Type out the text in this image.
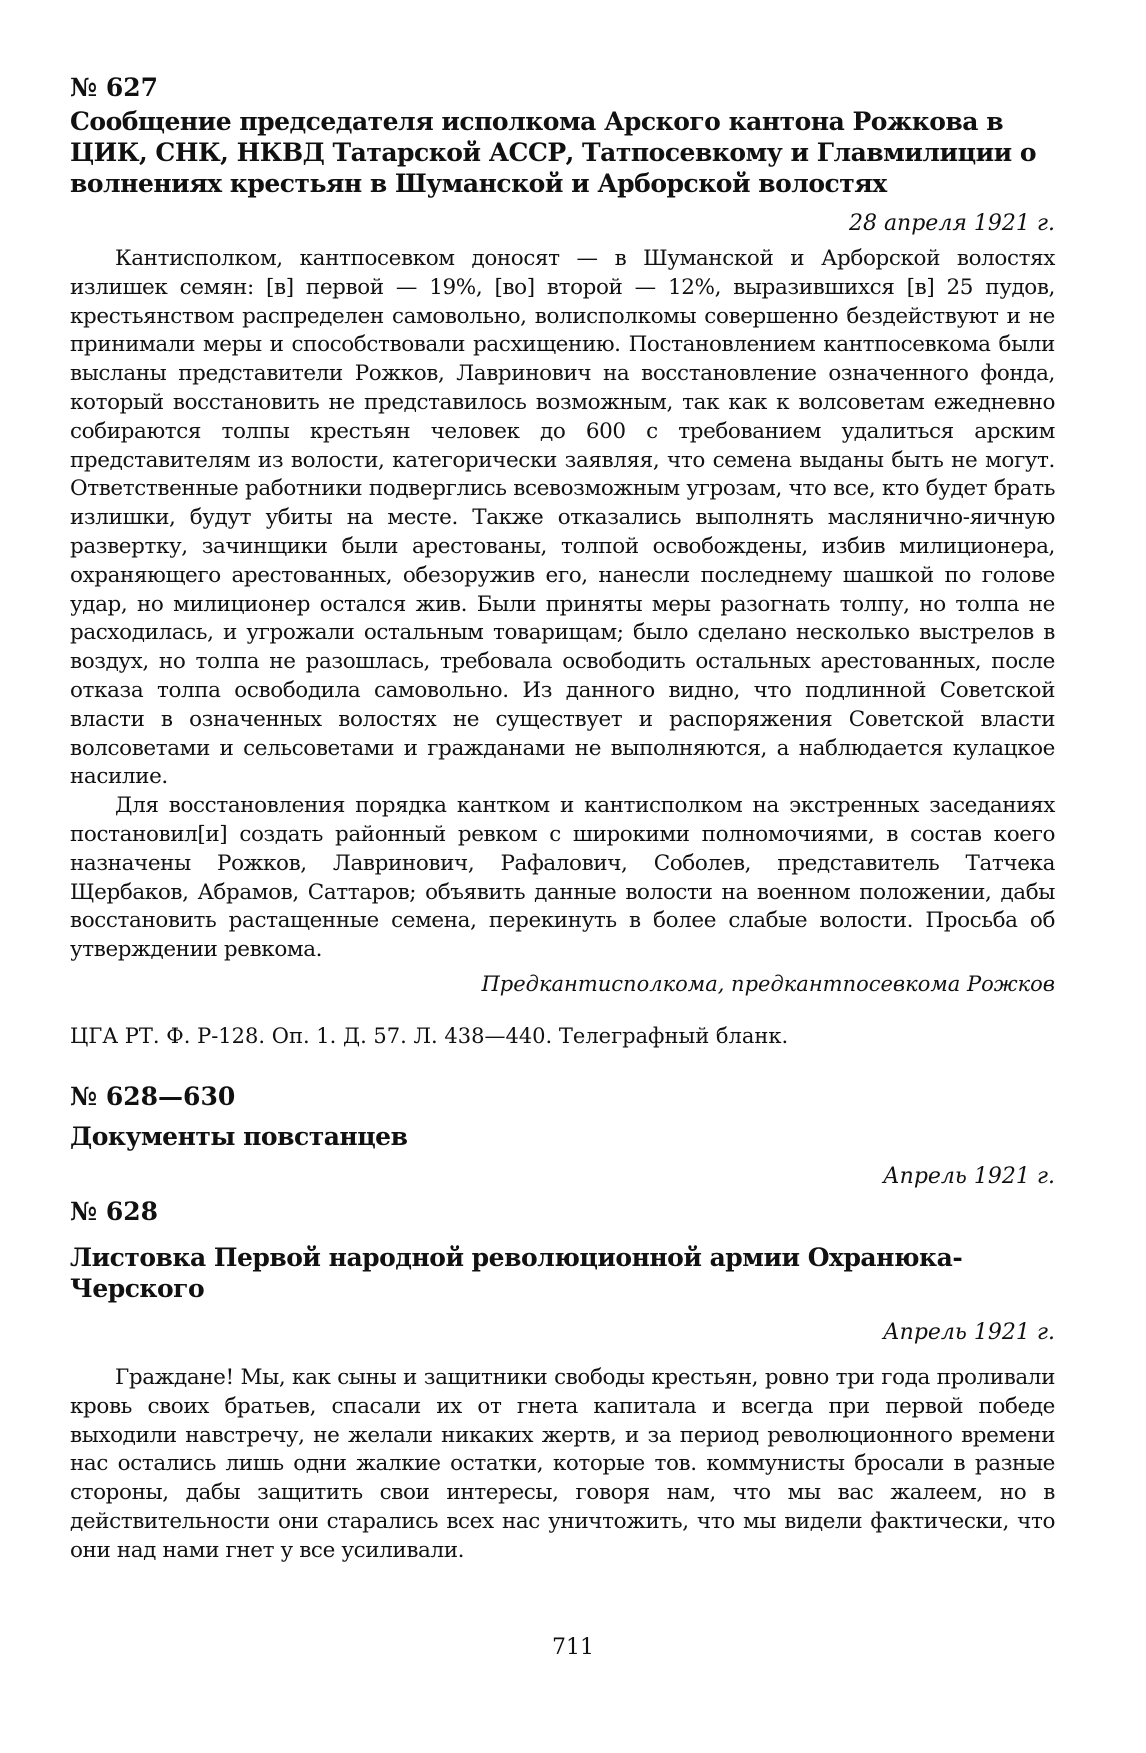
№ 627

Сообщение председателя исполкома Арского кантона Рожкова в ЦИК, СНК, НКВД Татарской АССР, Татпосевкому и Главмилиции о волнениях крестьян в Шуманской и Арборской волостях

28 апреля 1921 г.

Кантисполком, кантпосевком доносят — в Шуманской и Арборской волостях излишек семян: [в] первой — 19%, [во] второй — 12%, выразившихся [в] 25 пудов, крестьянством распределен самовольно, волисполкомы совершенно бездействуют и не принимали меры и способствовали расхищению. Постановлением кантпосевкома были высланы представители Рожков, Лавринович на восстановление означенного фонда, который восстановить не представилось возможным, так как к волсоветам ежедневно собираются толпы крестьян человек до 600 с требованием удалиться арским представителям из волости, категорически заявляя, что семена выданы быть не могут. Ответственные работники подверглись всевозможным угрозам, что все, кто будет брать излишки, будут убиты на месте. Также отказались выполнять маслянично-яичную развертку, зачинщики были арестованы, толпой освобождены, избив милиционера, охраняющего арестованных, обезоружив его, нанесли последнему шашкой по голове удар, но милиционер остался жив. Были приняты меры разогнать толпу, но толпа не расходилась, и угрожали остальным товарищам; было сделано несколько выстрелов в воздух, но толпа не разошлась, требовала освободить остальных арестованных, после отказа толпа освободила самовольно. Из данного видно, что подлинной Советской власти в означенных волостях не существует и распоряжения Советской власти волсоветами и сельсоветами и гражданами не выполняются, а наблюдается кулацкое насилие.

Для восстановления порядка кантком и кантисполком на экстренных заседаниях постановил[и] создать районный ревком с широкими полномочиями, в состав коего назначены Рожков, Лавринович, Рафалович, Соболев, представитель Татчека Щербаков, Абрамов, Саттаров; объявить данные волости на военном положении, дабы восстановить растащенные семена, перекинуть в более слабые волости. Просьба об утверждении ревкома.

Предкантисполкома, предкантпосевкома Рожков

ЦГА РТ. Ф. Р-128. Оп. 1. Д. 57. Л. 438—440. Телеграфный бланк.

№ 628—630

Документы повстанцев

Апрель 1921 г.

№ 628

Листовка Первой народной революционной армии Охранюка-Черского

Апрель 1921 г.

Граждане! Мы, как сыны и защитники свободы крестьян, ровно три года проливали кровь своих братьев, спасали их от гнета капитала и всегда при первой победе выходили навстречу, не желали никаких жертв, и за период революционного времени нас остались лишь одни жалкие остатки, которые тов. коммунисты бросали в разные стороны, дабы защитить свои интересы, говоря нам, что мы вас жалеем, но в действительности они старались всех нас уничтожить, что мы видели фактически, что они над нами гнет у все усиливали.

711
